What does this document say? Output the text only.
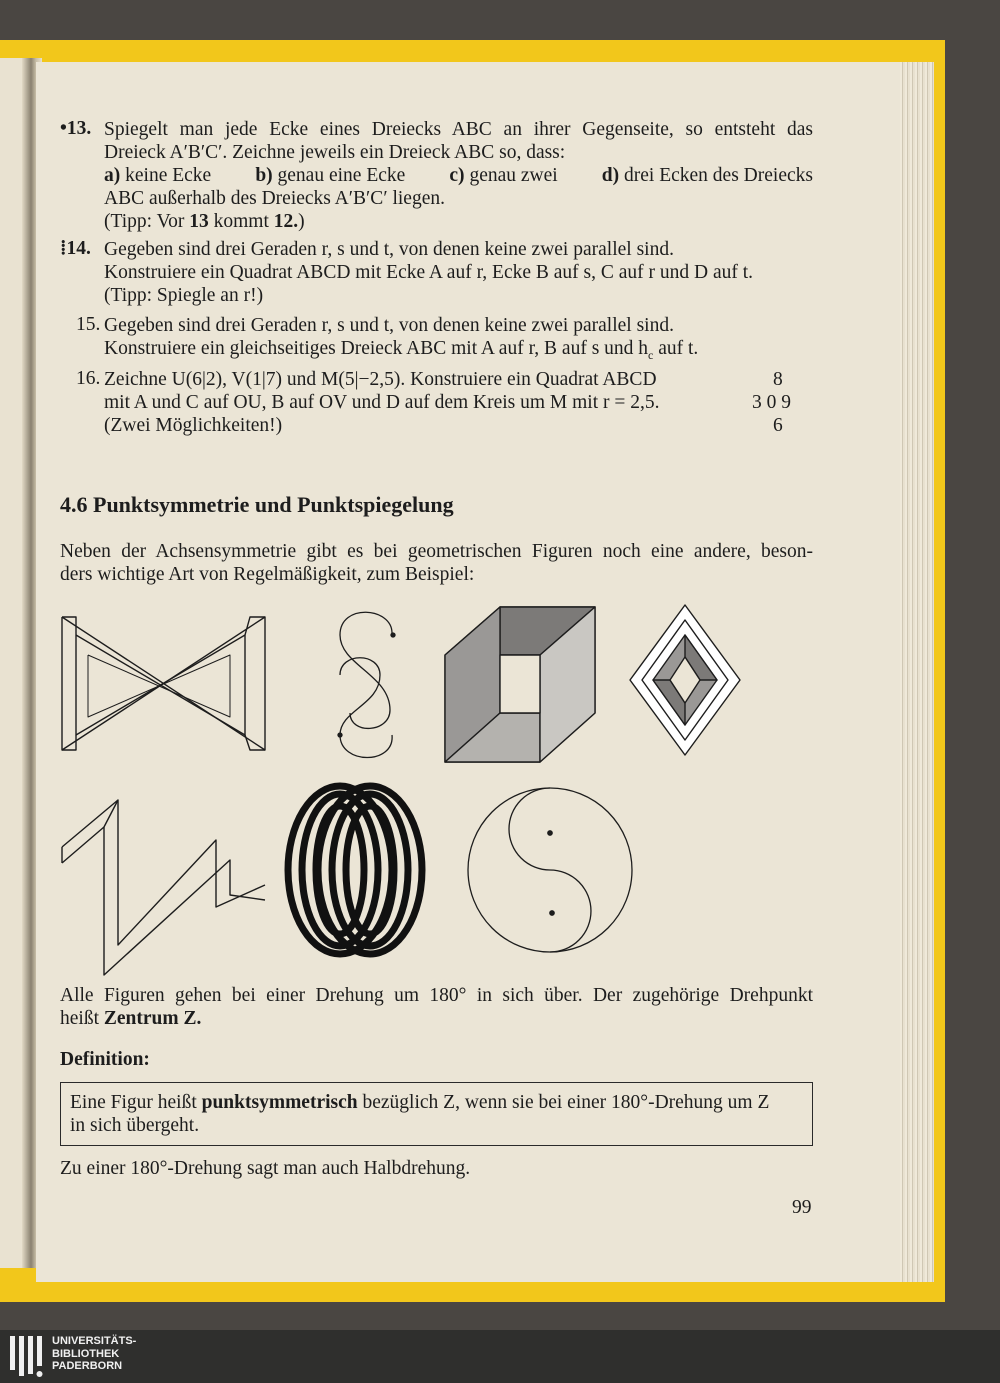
•13. Spiegelt man jede Ecke eines Dreiecks ABC an ihrer Gegenseite, so entsteht das
Dreieck A′B′C′. Zeichne jeweils ein Dreieck ABC so, dass:
a) keine Ecke b) genau eine Ecke c) genau zwei d) drei Ecken des Dreiecks
ABC außerhalb des Dreiecks A′B′C′ liegen.
(Tipp: Vor 13 kommt 12.)
⁞14. Gegeben sind drei Geraden r, s und t, von denen keine zwei parallel sind.
Konstruiere ein Quadrat ABCD mit Ecke A auf r, Ecke B auf s, C auf r und D auf t.
(Tipp: Spiegle an r!)
15. Gegeben sind drei Geraden r, s und t, von denen keine zwei parallel sind.
Konstruiere ein gleichseitiges Dreieck ABC mit A auf r, B auf s und $h_c$ auf t.
16. Zeichne U(6|2), V(1|7) und M(5|−2,5). Konstruiere ein Quadrat ABCD
mit A und C auf OU, B auf OV und D auf dem Kreis um M mit r = 2,5.
(Zwei Möglichkeiten!)
8
3 0 9
6
4.6 Punktsymmetrie und Punktspiegelung
Neben der Achsensymmetrie gibt es bei geometrischen Figuren noch eine andere, beson-
ders wichtige Art von Regelmäßigkeit, zum Beispiel:
Alle Figuren gehen bei einer Drehung um 180° in sich über. Der zugehörige Drehpunkt
heißt Zentrum Z.
Definition:
Eine Figur heißt punktsymmetrisch bezüglich Z, wenn sie bei einer 180°-Drehung um Z
in sich übergeht.
Zu einer 180°-Drehung sagt man auch Halbdrehung.
99
UNIVERSITÄTS-
BIBLIOTHEK
PADERBORN
